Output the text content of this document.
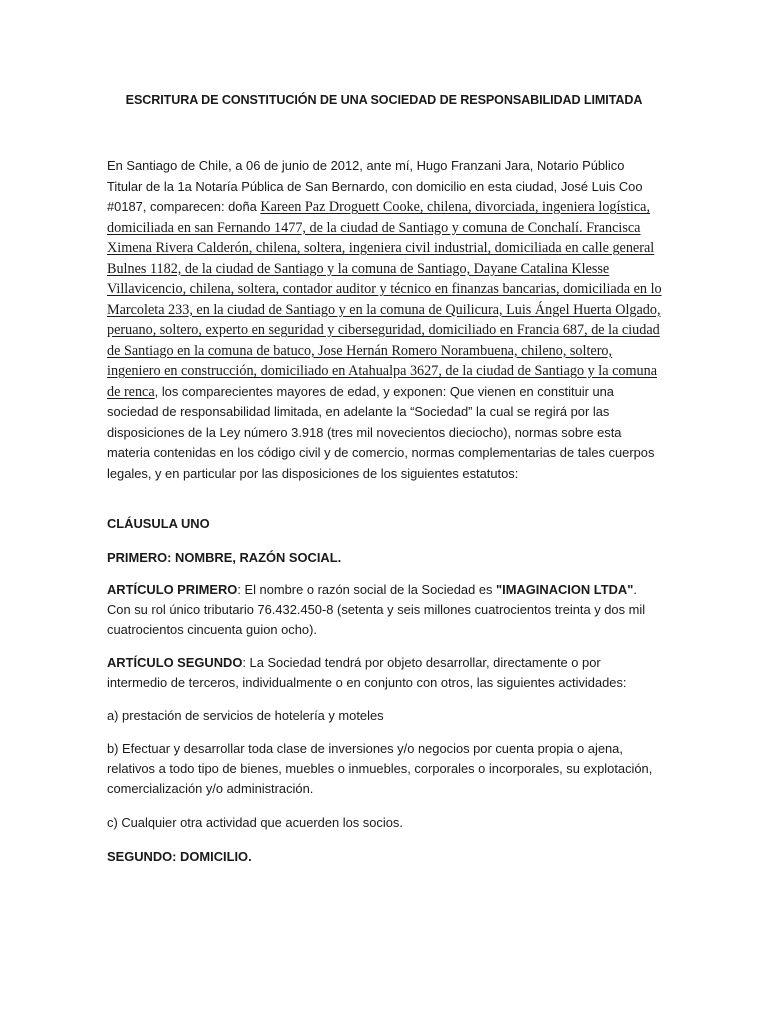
ESCRITURA DE CONSTITUCIÓN DE UNA SOCIEDAD DE RESPONSABILIDAD LIMITADA
En Santiago de Chile, a 06 de junio de 2012, ante mí, Hugo Franzani Jara, Notario Público Titular de la 1a Notaría Pública de San Bernardo, con domicilio en esta ciudad, José Luis Coo #0187, comparecen: doña Kareen Paz Droguett Cooke, chilena, divorciada, ingeniera logística, domiciliada en san Fernando 1477, de la ciudad de Santiago y comuna de Conchalí. Francisca Ximena Rivera Calderón, chilena, soltera, ingeniera civil industrial, domiciliada en calle general Bulnes 1182, de la ciudad de Santiago y la comuna de Santiago, Dayane Catalina Klesse Villavicencio, chilena, soltera, contador auditor y técnico en finanzas bancarias, domiciliada en lo Marcoleta 233, en la ciudad de Santiago y en la comuna de Quilicura, Luis Ángel Huerta Olgado, peruano, soltero, experto en seguridad y ciberseguridad, domiciliado en Francia 687, de la ciudad de Santiago en la comuna de batuco, Jose Hernán Romero Norambuena, chileno, soltero, ingeniero en construcción, domiciliado en Atahualpa 3627, de la ciudad de Santiago y la comuna de renca, los comparecientes mayores de edad, y exponen: Que vienen en constituir una sociedad de responsabilidad limitada, en adelante la “Sociedad” la cual se regirá por las disposiciones de la Ley número 3.918 (tres mil novecientos dieciocho), normas sobre esta materia contenidas en los código civil y de comercio, normas complementarias de tales cuerpos legales, y en particular por las disposiciones de los siguientes estatutos:
CLÁUSULA UNO
PRIMERO: NOMBRE, RAZÓN SOCIAL.
ARTÍCULO PRIMERO: El nombre o razón social de la Sociedad es "IMAGINACION LTDA". Con su rol único tributario 76.432.450-8 (setenta y seis millones cuatrocientos treinta y dos mil cuatrocientos cincuenta guion ocho).
ARTÍCULO SEGUNDO: La Sociedad tendrá por objeto desarrollar, directamente o por intermedio de terceros, individualmente o en conjunto con otros, las siguientes actividades:
a) prestación de servicios de hotelería y moteles
b) Efectuar y desarrollar toda clase de inversiones y/o negocios por cuenta propia o ajena, relativos a todo tipo de bienes, muebles o inmuebles, corporales o incorporales, su explotación, comercialización y/o administración.
c) Cualquier otra actividad que acuerden los socios.
SEGUNDO: DOMICILIO.
